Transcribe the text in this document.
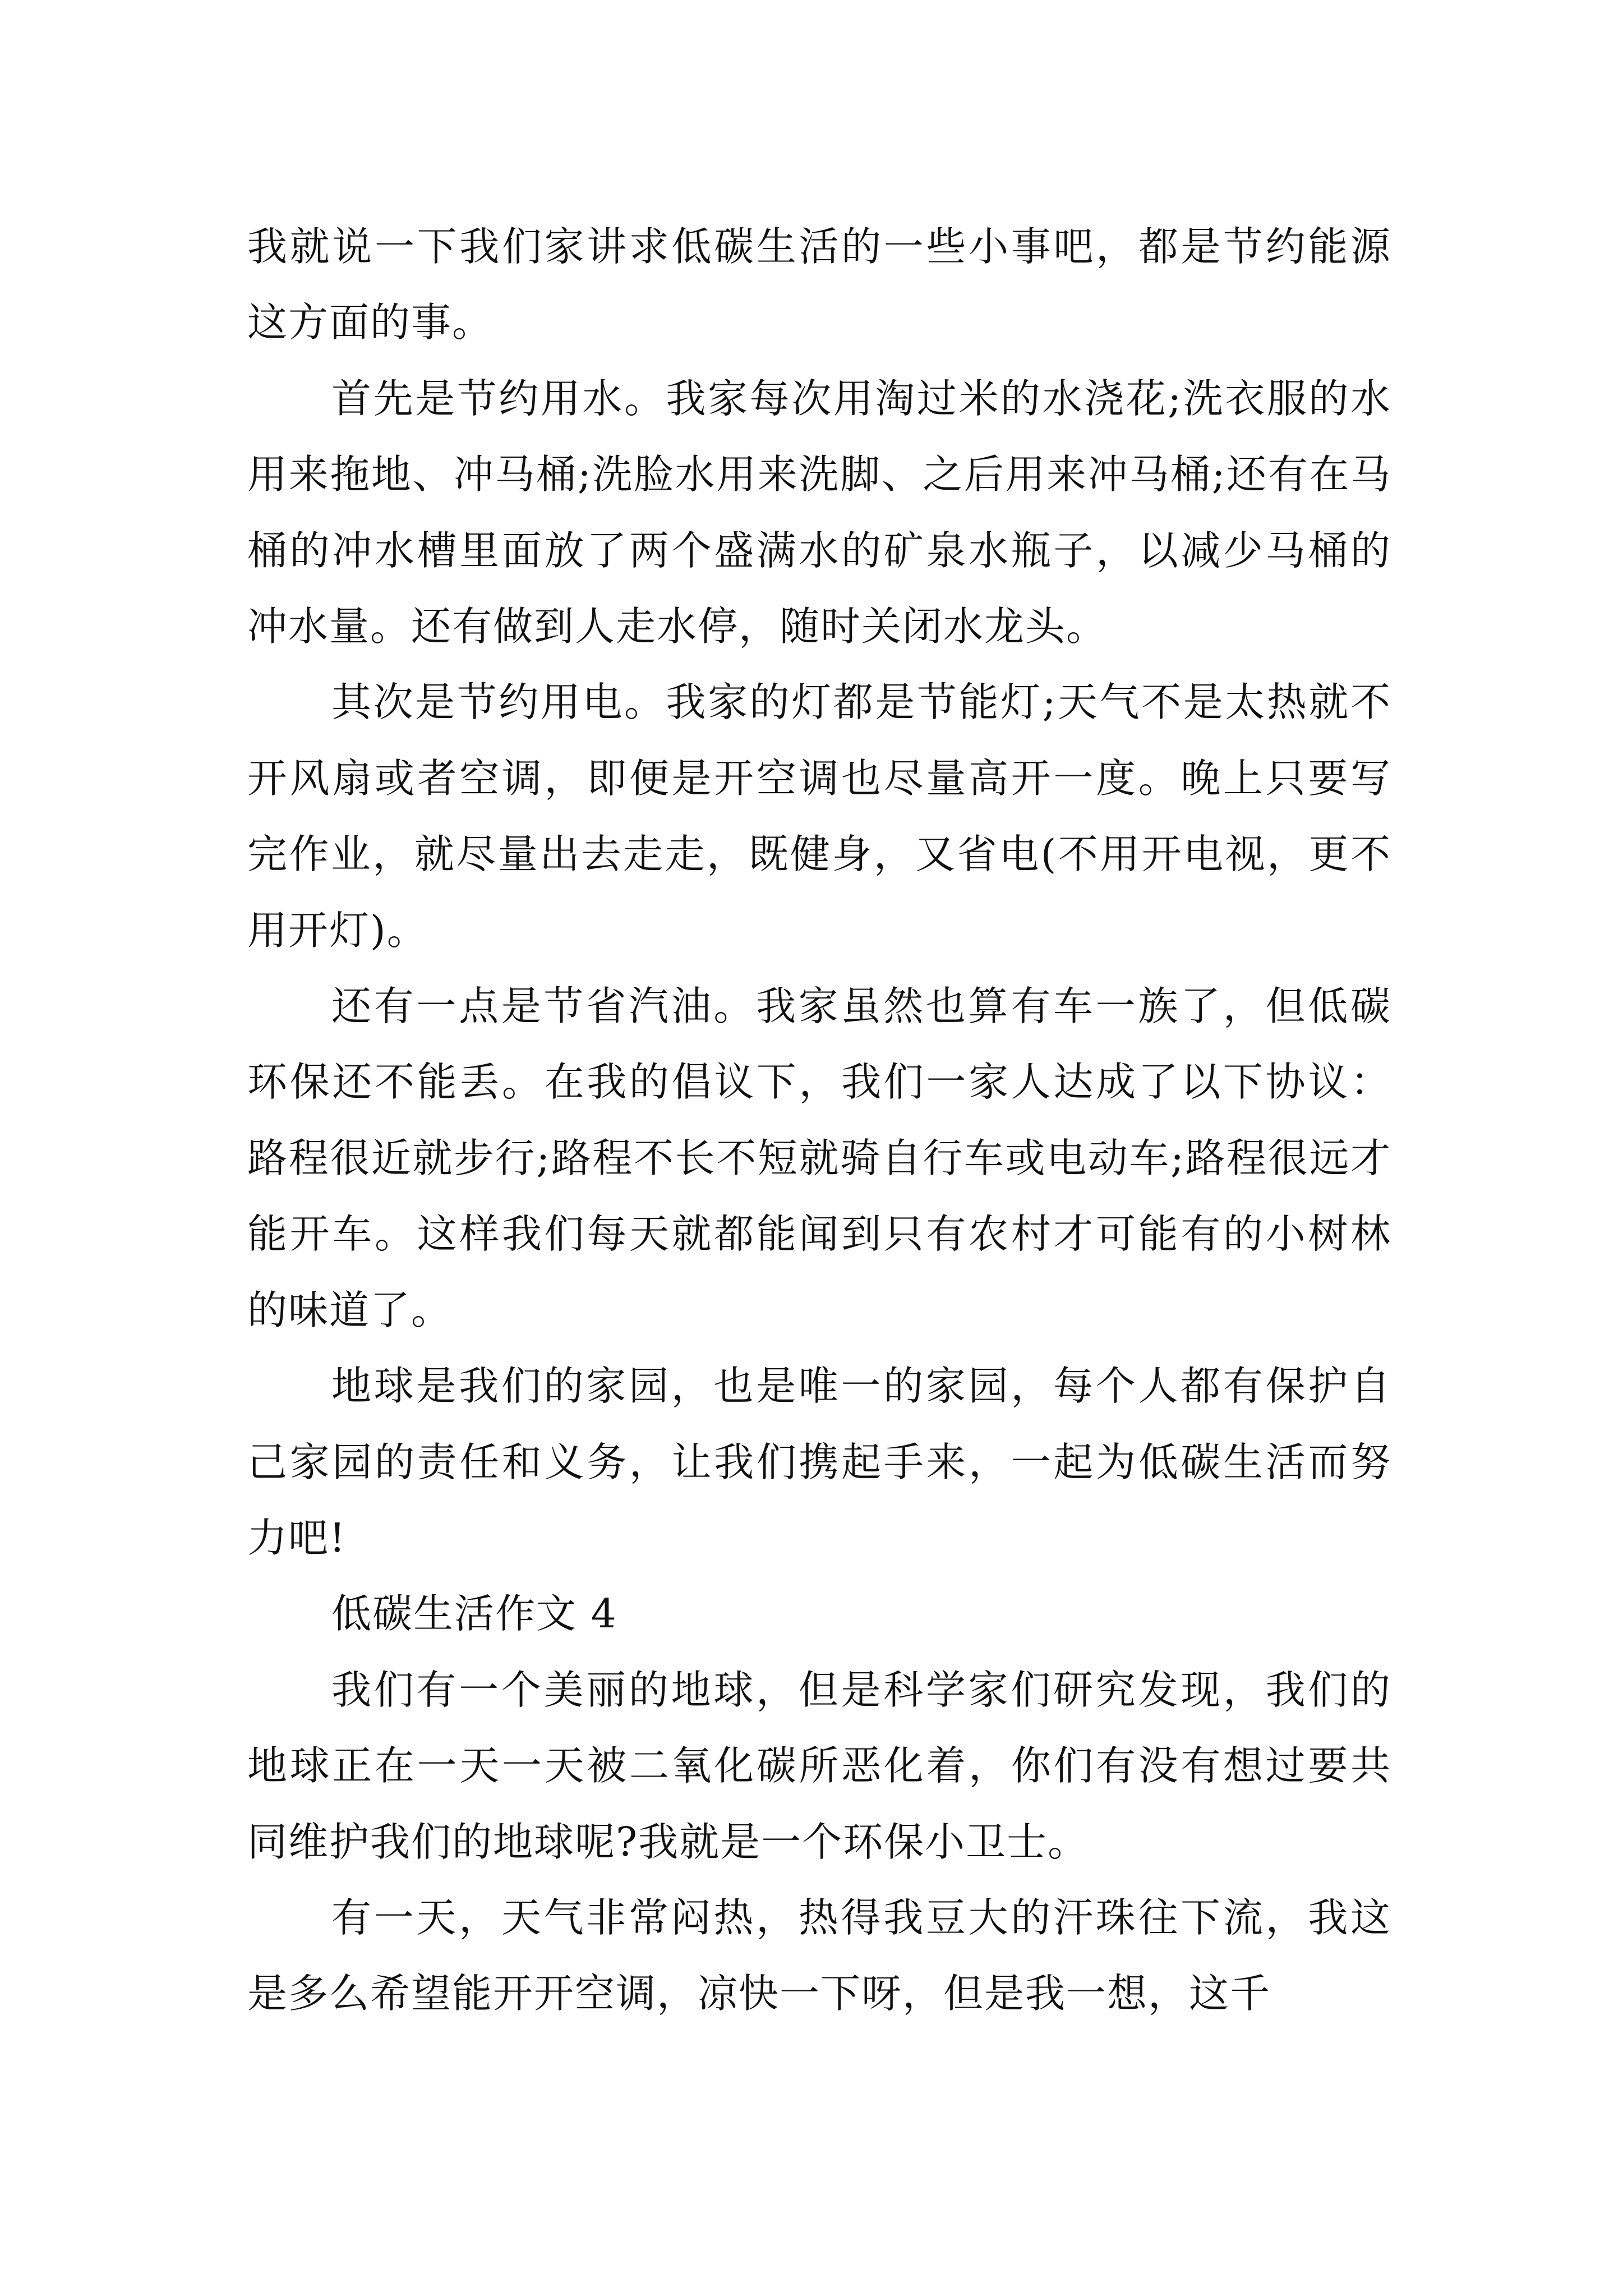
我就说一下我们家讲求低碳生活的一些小事吧，都是节约能源这方面的事。

首先是节约用水。我家每次用淘过米的水浇花;洗衣服的水用来拖地、冲马桶;洗脸水用来洗脚、之后用来冲马桶;还有在马桶的冲水槽里面放了两个盛满水的矿泉水瓶子，以减少马桶的冲水量。还有做到人走水停，随时关闭水龙头。

其次是节约用电。我家的灯都是节能灯;天气不是太热就不开风扇或者空调，即便是开空调也尽量高开一度。晚上只要写完作业，就尽量出去走走，既健身，又省电(不用开电视，更不用开灯)。

还有一点是节省汽油。我家虽然也算有车一族了，但低碳环保还不能丢。在我的倡议下，我们一家人达成了以下协议：路程很近就步行;路程不长不短就骑自行车或电动车;路程很远才能开车。这样我们每天就都能闻到只有农村才可能有的小树林的味道了。

地球是我们的家园，也是唯一的家园，每个人都有保护自己家园的责任和义务，让我们携起手来，一起为低碳生活而努力吧!

低碳生活作文 4

我们有一个美丽的地球，但是科学家们研究发现，我们的地球正在一天一天被二氧化碳所恶化着，你们有没有想过要共同维护我们的地球呢?我就是一个环保小卫士。

有一天，天气非常闷热，热得我豆大的汗珠往下流，我这是多么希望能开开空调，凉快一下呀，但是我一想，这千
